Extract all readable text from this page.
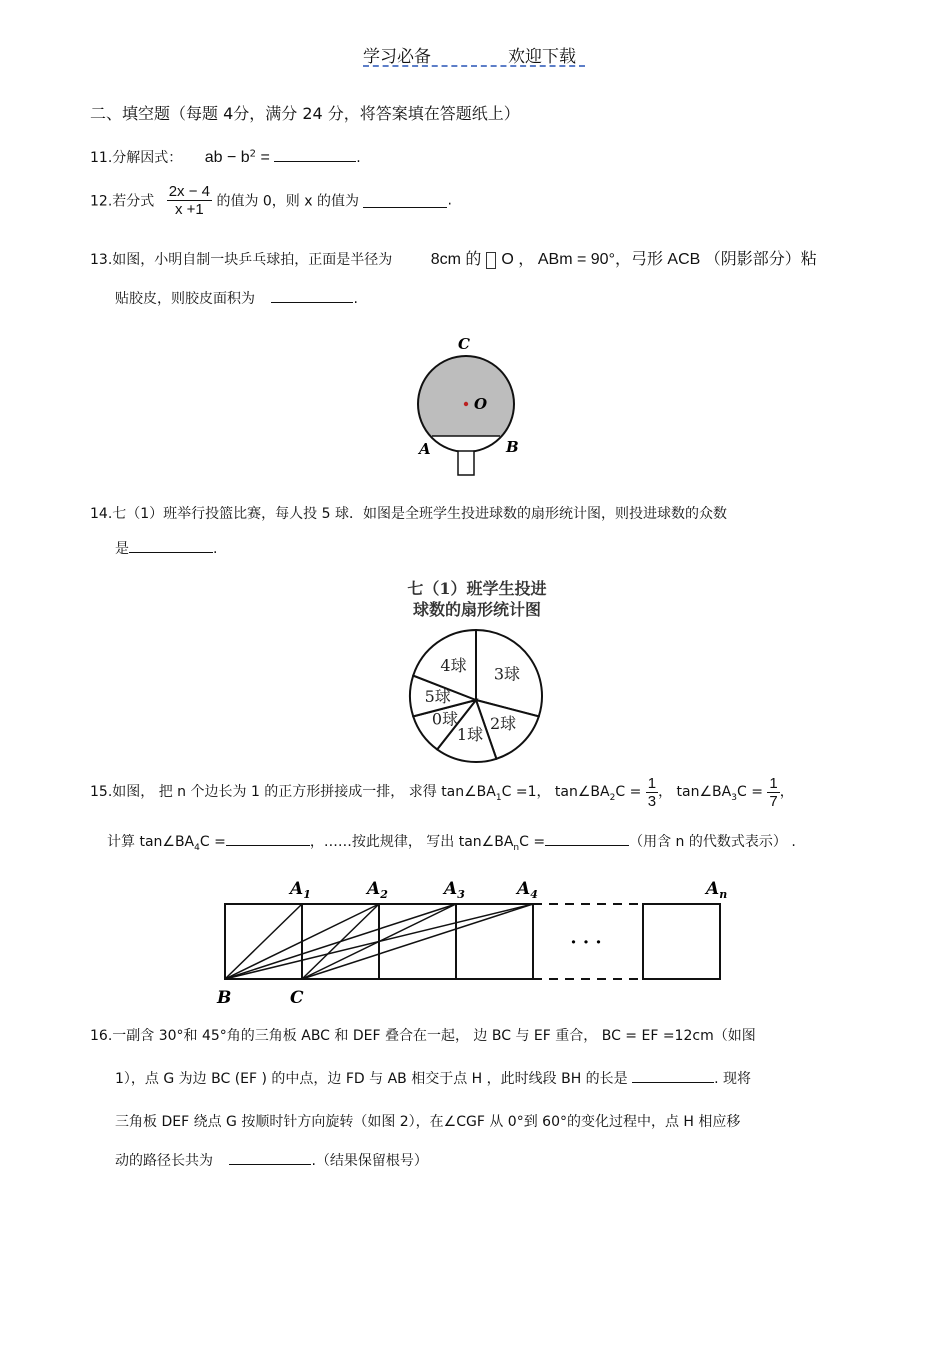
学习必备	欢迎下载
二、填空题（每题 4分，满分 24 分，将答案填在答题纸上）
11.分解因式： ab − $b^2$ =	.
12.若分式 $\frac{2x - 4}{x +1}$ 的值为 0，则 x 的值为	.
13.如图，小明自制一块乒乓球拍，正面是半径为 8cm 的 O ， ABm = 90°，弓形 ACB （阴影部分）粘
贴胶皮，则胶皮面积为	.
C
O
A	B
14.七（1）班举行投篮比赛，每人投 5 球．如图是全班学生投进球数的扇形统计图，则投进球数的众数
是	.
七（1）班学生投进
球数的扇形统计图
3球
2球
1球
0球
5球
4球
15.如图， 把 n 个边长为 1 的正方形拼接成一排， 求得 $\tan\angle BA_1C =1$， $\tan\angle BA_2C = \frac{1}{3}$ ， $\tan\angle BA_3C = \frac{1}{7}$ ，
计算 $\tan\angle BA_4C$ =	，……按此规律， 写出 $\tan\angle BA_nC$ =	（用含 n 的代数式表示） .
· · ·
$A_1$	$A_2$	$A_3$	$A_4$	$A_n$
B	C
16.一副含 30°和 45°角的三角板 ABC 和 DEF 叠合在一起， 边 BC 与 EF 重合， BC = EF =12cm（如图
1），点 G 为边 BC (EF ) 的中点，边 FD 与 AB 相交于点 H ，此时线段 BH 的长是	. 现将
三角板 DEF 绕点 G 按顺时针方向旋转（如图 2），在∠CGF 从 0°到 60°的变化过程中，点 H 相应移
动的路径长共为	.（结果保留根号）
